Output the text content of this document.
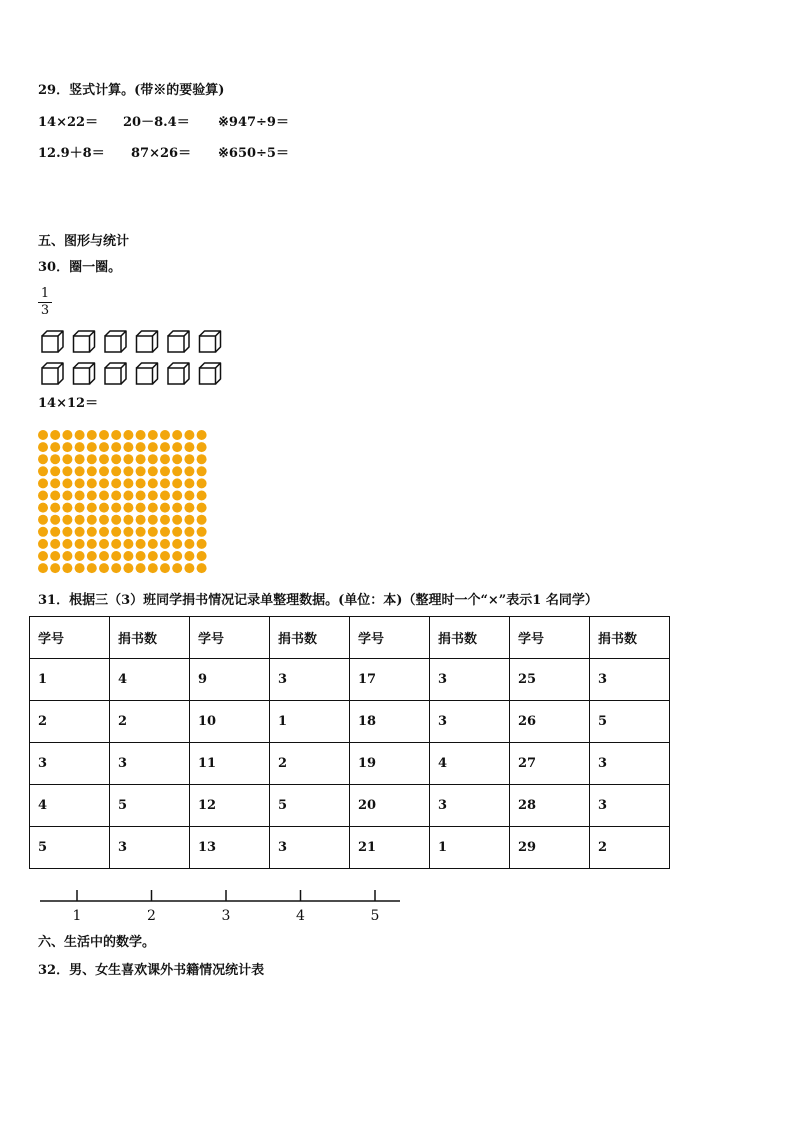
29．竖式计算。(带※的要验算)
14×22＝ 20－8.4＝ ※947÷9＝
12.9＋8＝ 87×26＝ ※650÷5＝
五、图形与统计
30．圈一圈。
1
3
14×12＝
31．根据三（3）班同学捐书情况记录单整理数据。(单位：本)（整理时一个“×”表示1 名同学）
学号	捐书数	学号	捐书数	学号	捐书数	学号	捐书数
1	4	9	3	17	3	25	3
2	2	10	1	18	3	26	5
3	3	11	2	19	4	27	3
4	5	12	5	20	3	28	3
5	3	13	3	21	1	29	2
1	2	3	4	5
六、生活中的数学。
32．男、女生喜欢课外书籍情况统计表
